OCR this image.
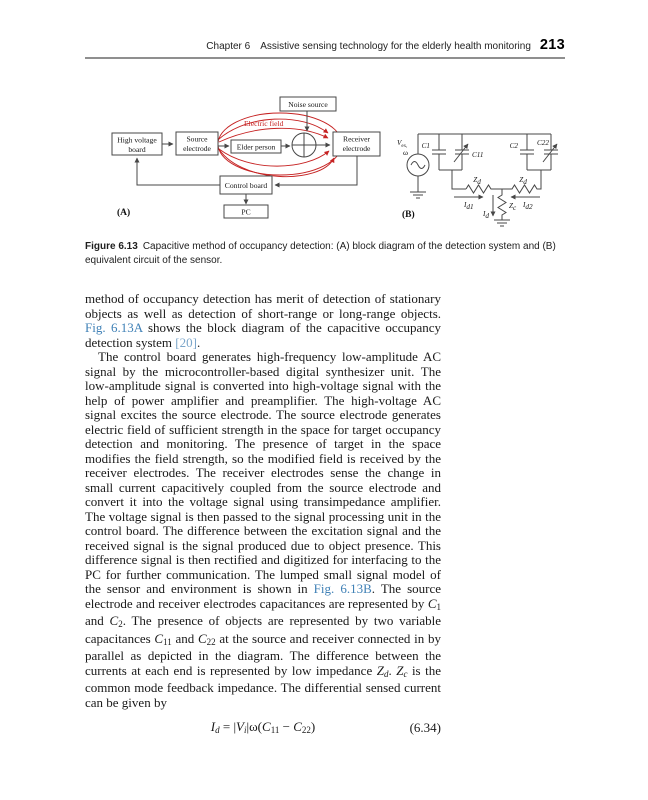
Chapter 6 Assistive sensing technology for the elderly health monitoring 213
Electric field
Noise source
High voltage
board
Source
electrode	Elder person
Receiver
electrode
Control board
PC
(A)
$V_{ex,}$
ω
C1
C11
C2	C22
Zd	Zd
Zc
Id1	Id2
Id
(B)
Figure 6.13 Capacitive method of occupancy detection: (A) block diagram of the detection system and (B)
equivalent circuit of the sensor.

method of occupancy detection has merit of detection of stationary objects as well as detection of short-range or long-range objects. Fig. 6.13A shows the block diagram of the capacitive occupancy detection system [20].

The control board generates high-frequency low-amplitude AC signal by the microcontroller-based digital synthesizer unit. The low-amplitude signal is converted into high-voltage signal with the help of power amplifier and preamplifier. The high-voltage AC signal excites the source electrode. The source electrode generates electric field of sufficient strength in the space for target occupancy detection and monitoring. The presence of target in the space modifies the field strength, so the modified field is received by the receiver electrodes. The receiver electrodes sense the change in small current capacitively coupled from the source electrode and convert it into the voltage signal using transimpedance amplifier. The voltage signal is then passed to the signal processing unit in the control board. The difference between the excitation signal and the received signal is the signal produced due to object presence. This difference signal is then rectified and digitized for interfacing to the PC for further communication. The lumped small signal model of the sensor and environment is shown in Fig. 6.13B. The source electrode and receiver electrodes capacitances are represented by C1 and C2. The presence of objects are represented by two variable capacitances C11 and C22 at the source and receiver connected in by parallel as depicted in the diagram. The difference between the currents at each end is represented by low impedance Zd. Zc is the common mode feedback impedance. The differential sensed current can be given by

Id = |Vi|ω(C11 − C22)	(6.34)
